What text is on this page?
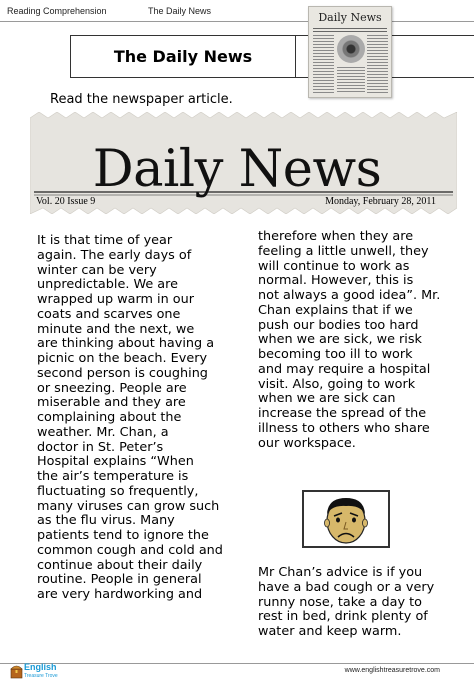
Reading Comprehension	The Daily News
The Daily News
Daily News
Read the newspaper article.
Daily News
Vol. 20 Issue 9	Monday, February 28, 2011
It is that time of year
again. The early days of
winter can be very
unpredictable. We are
wrapped up warm in our
coats and scarves one
minute and the next, we
are thinking about having a
picnic on the beach. Every
second person is coughing
or sneezing. People are
miserable and they are
complaining about the
weather. Mr. Chan, a
doctor in St. Peter’s
Hospital explains “When
the air’s temperature is
fluctuating so frequently,
many viruses can grow such
as the flu virus. Many
patients tend to ignore the
common cough and cold and
continue about their daily
routine. People in general
are very hardworking and
therefore when they are
feeling a little unwell, they
will continue to work as
normal. However, this is
not always a good idea”. Mr.
Chan explains that if we
push our bodies too hard
when we are sick, we risk
becoming too ill to work
and may require a hospital
visit. Also, going to work
when we are sick can
increase the spread of the
illness to others who share
our workspace.
Mr Chan’s advice is if you
have a bad cough or a very
runny nose, take a day to
rest in bed, drink plenty of
water and keep warm.
English
Treasure Trove
www.englishtreasuretrove.com
